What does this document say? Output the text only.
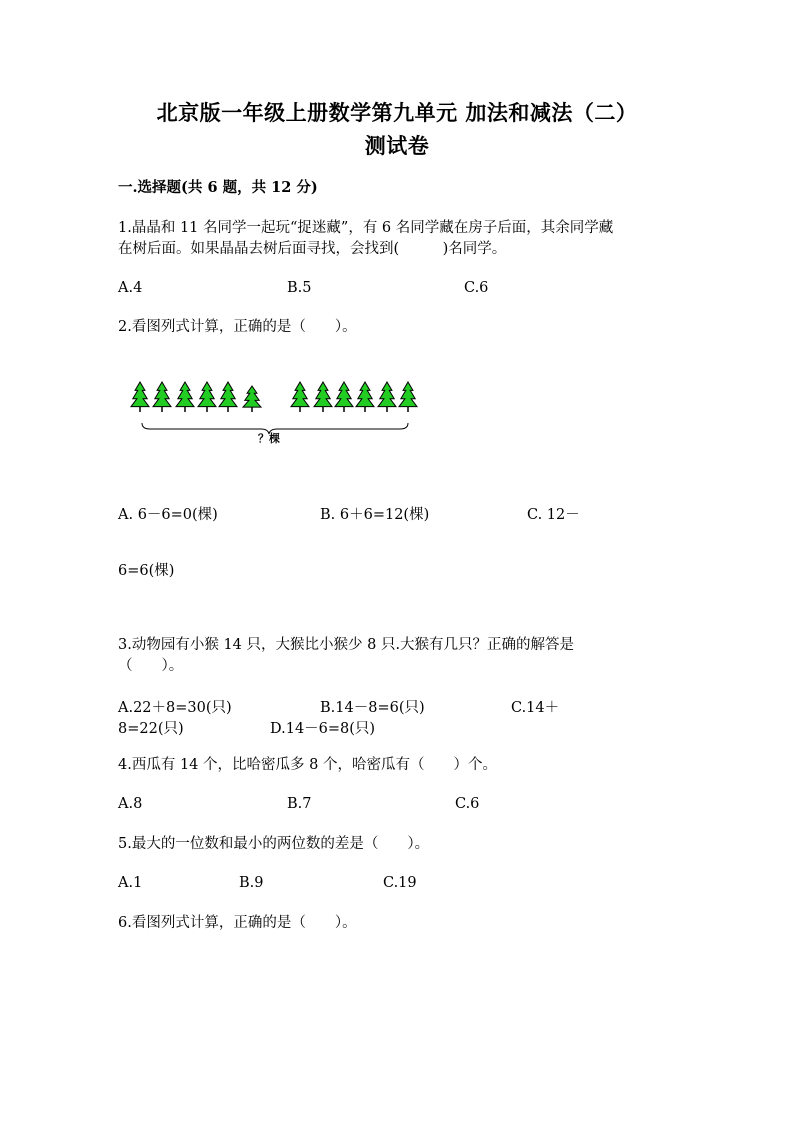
北京版一年级上册数学第九单元 加法和减法（二）
测试卷
一.选择题(共 6 题，共 12 分)
1.晶晶和 11 名同学一起玩“捉迷藏”，有 6 名同学藏在房子后面，其余同学藏
在树后面。如果晶晶去树后面寻找，会找到(　　　)名同学。
A.4	B.5	C.6
2.看图列式计算，正确的是（　　）。
？棵
A. 6－6=0(棵)	B. 6＋6=12(棵)	C. 12－
6=6(棵)
3.动物园有小猴 14 只，大猴比小猴少 8 只.大猴有几只？正确的解答是
（　　）。
A.22＋8=30(只)	B.14－8=6(只)	C.14＋
8=22(只)	D.14－6=8(只)
4.西瓜有 14 个，比哈密瓜多 8 个，哈密瓜有（　　）个。
A.8	B.7	C.6
5.最大的一位数和最小的两位数的差是（　　）。
A.1	B.9	C.19
6.看图列式计算，正确的是（　　）。
